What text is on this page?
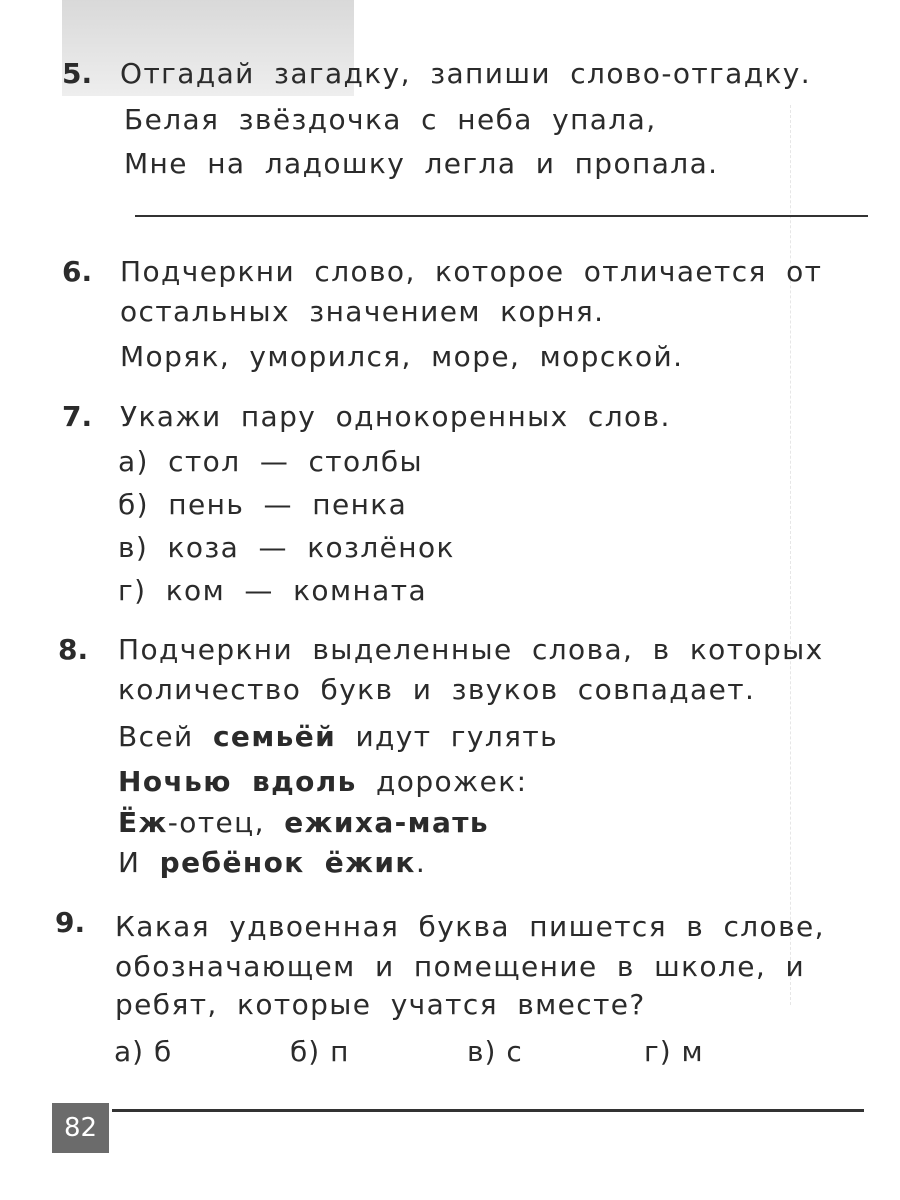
5. Отгадай загадку, запиши слово-отгадку.
Белая звёздочка с неба упала,
Мне на ладошку легла и пропала.
6. Подчеркни слово, которое отличается от
остальных значением корня.
Моряк, уморился, море, морской.
7. Укажи пару однокоренных слов.
а) стол — столбы
б) пень — пенка
в) коза — козлёнок
г) ком — комната
8. Подчеркни выделенные слова, в которых
количество букв и звуков совпадает.
Всей семьёй идут гулять
Ночью вдоль дорожек:
Ёж-отец, ежиха-мать
И ребёнок ёжик.
9. Какая удвоенная буква пишется в слове,
обозначающем и помещение в школе, и
ребят, которые учатся вместе?
а) б	б) п	в) с	г) м
82
